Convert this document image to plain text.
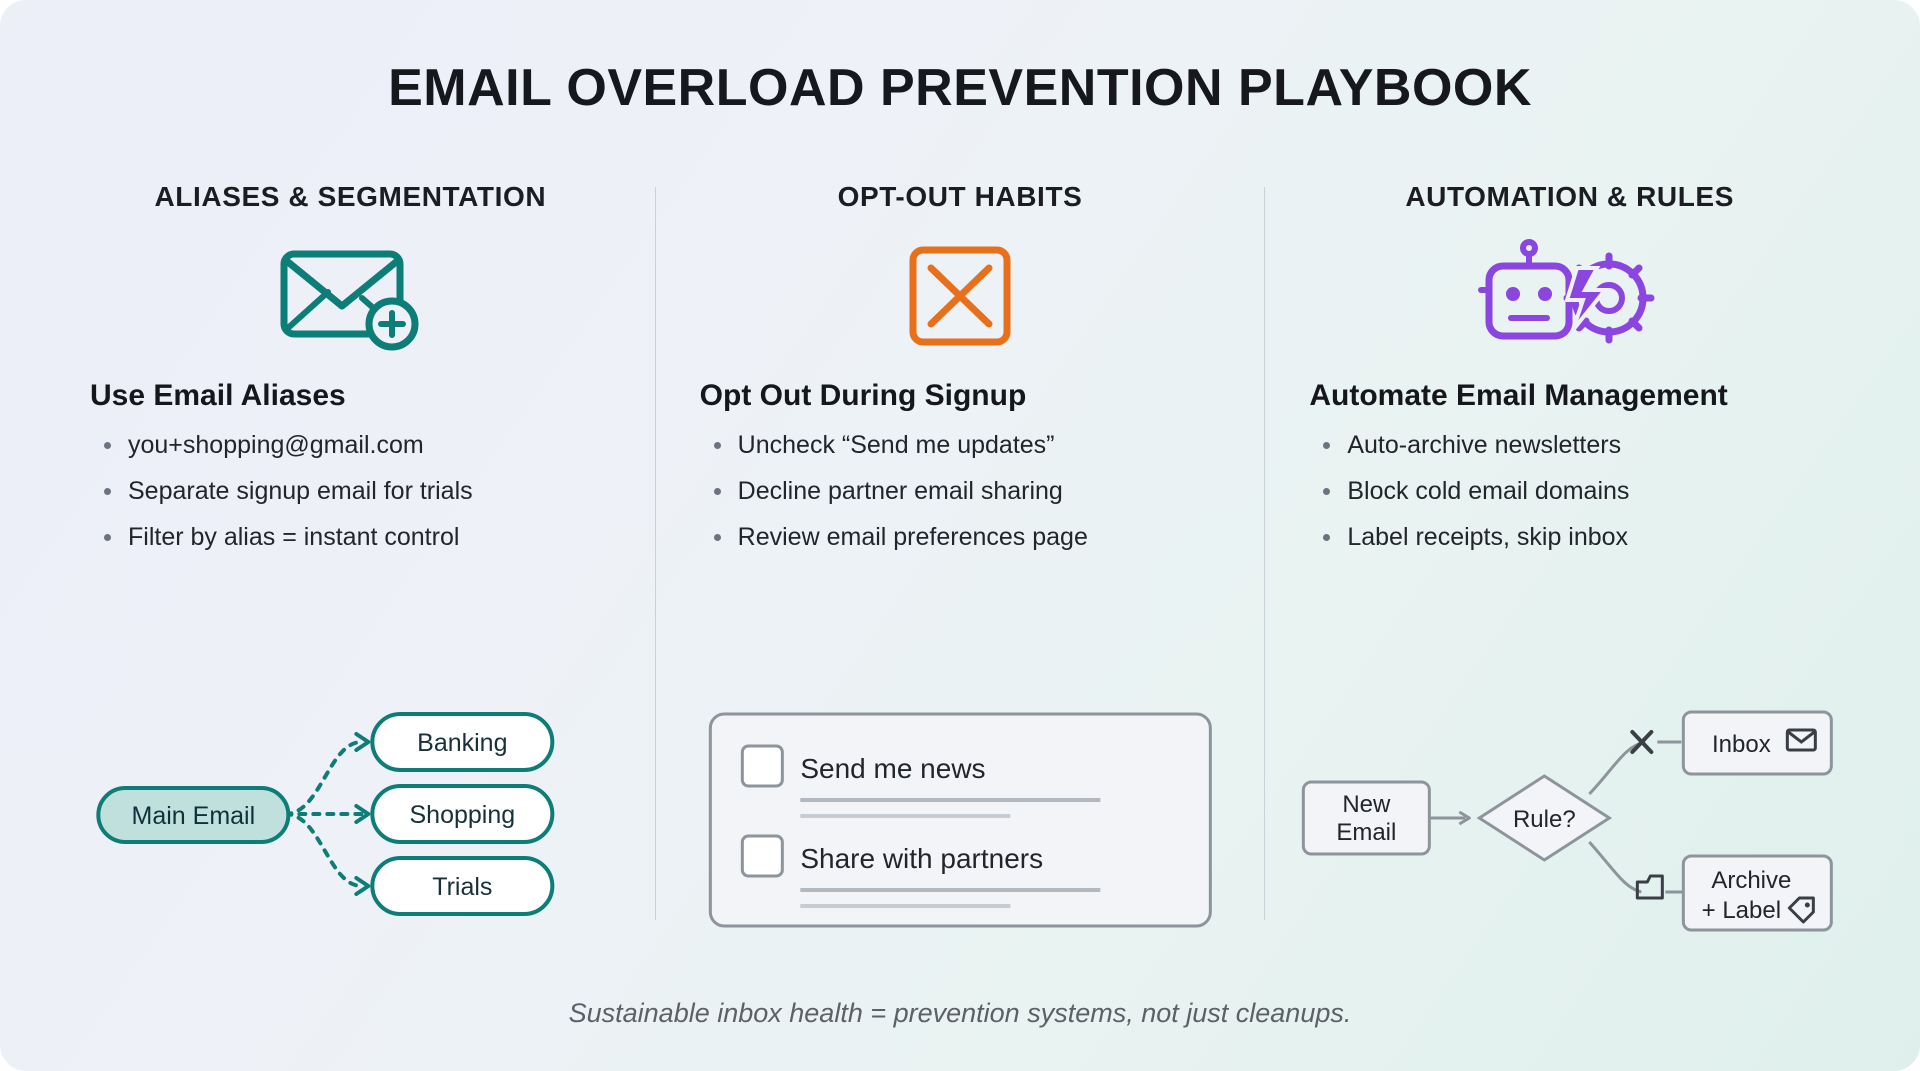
EMAIL OVERLOAD PREVENTION PLAYBOOK
ALIASES & SEGMENTATION
Use Email Aliases
you+shopping@gmail.com
Separate signup email for trials
Filter by alias = instant control
Main Email
Banking
Shopping
Trials
OPT-OUT HABITS
Opt Out During Signup
Uncheck “Send me updates”
Decline partner email sharing
Review email preferences page
Send me news
Share with partners
AUTOMATION & RULES
Automate Email Management
Auto-archive newsletters
Block cold email domains
Label receipts, skip inbox
New
Email	Rule?
Inbox
Archive
+ Label
Sustainable inbox health = prevention systems, not just cleanups.
